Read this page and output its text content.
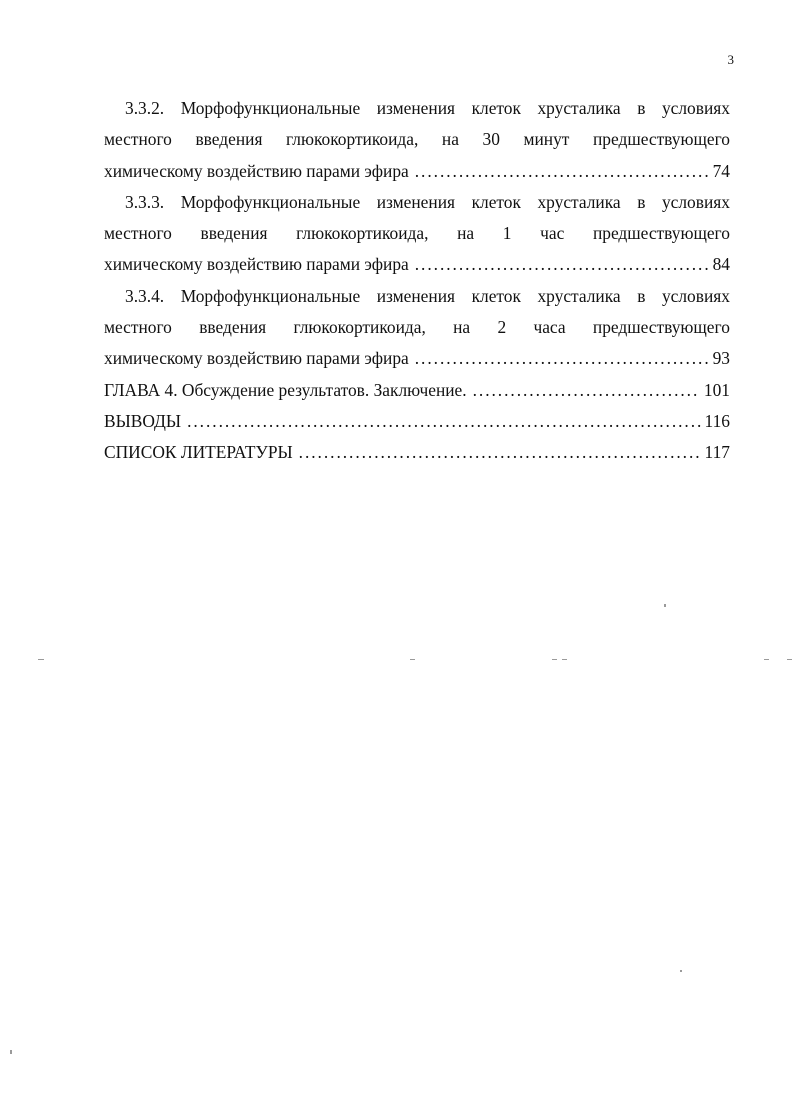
3
3.3.2. Морфофункциональные изменения клеток хрусталика в условиях
местного введения глюкокортикоида, на 30 минут предшествующего
химическому воздействию парами эфира . . .	74
3.3.3. Морфофункциональные изменения клеток хрусталика в условиях
местного введения глюкокортикоида, на 1 час предшествующего
химическому воздействию парами эфира . . .	84
3.3.4. Морфофункциональные изменения клеток хрусталика в условиях
местного введения глюкокортикоида, на 2 часа предшествующего
химическому воздействию парами эфира . . .	93
ГЛАВА 4. Обсуждение результатов. Заключение. . . .	101
ВЫВОДЫ . . .	116
СПИСОК ЛИТЕРАТУРЫ . . .	117
